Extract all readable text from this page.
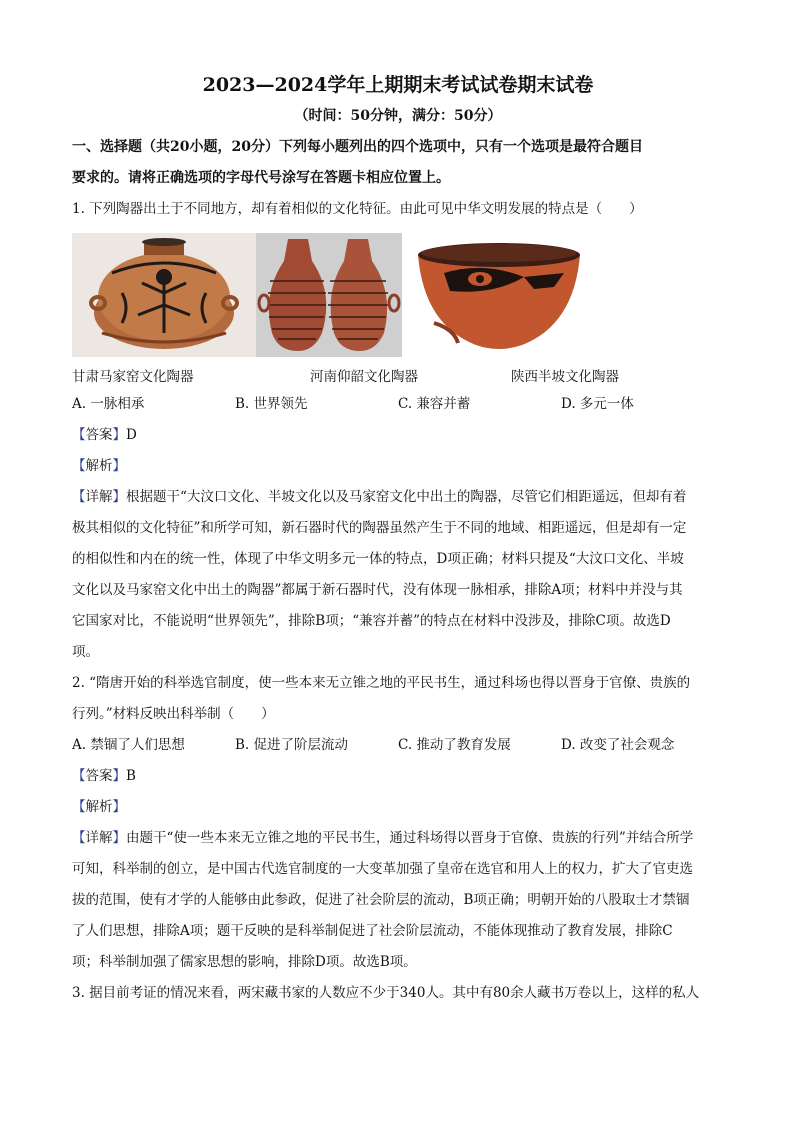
2023—2024学年上期期末考试试卷期末试卷

（时间：50分钟，满分：50分）

一、选择题（共20小题，20分）下列每小题列出的四个选项中，只有一个选项是最符合题目

要求的。请将正确选项的字母代号涂写在答题卡相应位置上。

1. 下列陶器出土于不同地方，却有着相似的文化特征。由此可见中华文明发展的特点是（　　）

甘肃马家窑文化陶器	河南仰韶文化陶器	陕西半坡文化陶器
A. 一脉相承	B. 世界领先	C. 兼容并蓄	D. 多元一体

【答案】D

【解析】

【详解】根据题干“大汶口文化、半坡文化以及马家窑文化中出土的陶器，尽管它们相距遥远，但却有着

极其相似的文化特征”和所学可知，新石器时代的陶器虽然产生于不同的地域、相距遥远，但是却有一定

的相似性和内在的统一性，体现了中华文明多元一体的特点，D项正确；材料只提及“大汶口文化、半坡

文化以及马家窑文化中出土的陶器”都属于新石器时代，没有体现一脉相承，排除A项；材料中并没与其

它国家对比，不能说明“世界领先”，排除B项；“兼容并蓄”的特点在材料中没涉及，排除C项。故选D

项。

2. “隋唐开始的科举选官制度，使一些本来无立锥之地的平民书生，通过科场也得以晋身于官僚、贵族的

行列。”材料反映出科举制（　　）

A. 禁锢了人们思想	B. 促进了阶层流动	C. 推动了教育发展	D. 改变了社会观念

【答案】B

【解析】

【详解】由题干“使一些本来无立锥之地的平民书生，通过科场得以晋身于官僚、贵族的行列”并结合所学

可知，科举制的创立，是中国古代选官制度的一大变革加强了皇帝在选官和用人上的权力，扩大了官吏选

拔的范围，使有才学的人能够由此参政，促进了社会阶层的流动，B项正确；明朝开始的八股取士才禁锢

了人们思想，排除A项；题干反映的是科举制促进了社会阶层流动，不能体现推动了教育发展，排除C

项；科举制加强了儒家思想的影响，排除D项。故选B项。

3. 据目前考证的情况来看，两宋藏书家的人数应不少于340人。其中有80余人藏书万卷以上，这样的私人
